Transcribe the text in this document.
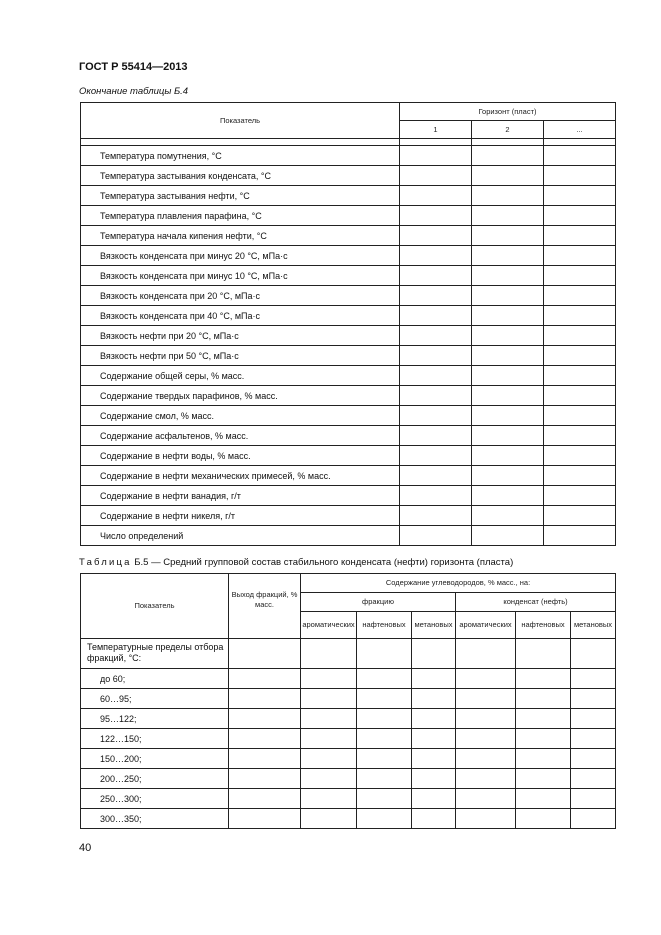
ГОСТ Р 55414—2013
Окончание таблицы Б.4
Показатель	Горизонт (пласт)		
	1	2	...

Температура помутнения, °С			
Температура застывания конденсата, °С			
Температура застывания нефти, °С			
Температура плавления парафина, °С			
Температура начала кипения нефти, °С			
Вязкость конденсата при минус 20 °С, мПа·с			
Вязкость конденсата при минус 10 °С, мПа·с			
Вязкость конденсата при 20 °С, мПа·с			
Вязкость конденсата при 40 °С, мПа·с			
Вязкость нефти при 20 °С, мПа·с			
Вязкость нефти при 50 °С, мПа·с			
Содержание общей серы, % масс.			
Содержание твердых парафинов, % масс.			
Содержание смол, % масс.			
Содержание асфальтенов, % масс.			
Содержание в нефти воды, % масс.			
Содержание в нефти механических примесей, % масс.			
Содержание в нефти ванадия, г/т			
Содержание в нефти никеля, г/т			
Число определений			
Таблица Б.5 — Средний групповой состав стабильного конденсата (нефти) горизонта (пласта)
Показатель	Выход фракций, % масс.	Содержание углеводородов, % масс., на:					
		фракцию			конденсат (нефть)		
		ароматических	нафтеновых	метановых	ароматических	нафтеновых	метановых
Температурные пределы отбора фракций, °С:							
до 60;							
60…95;							
95…122;							
122…150;							
150…200;							
200…250;							
250…300;							
300…350;							
40
